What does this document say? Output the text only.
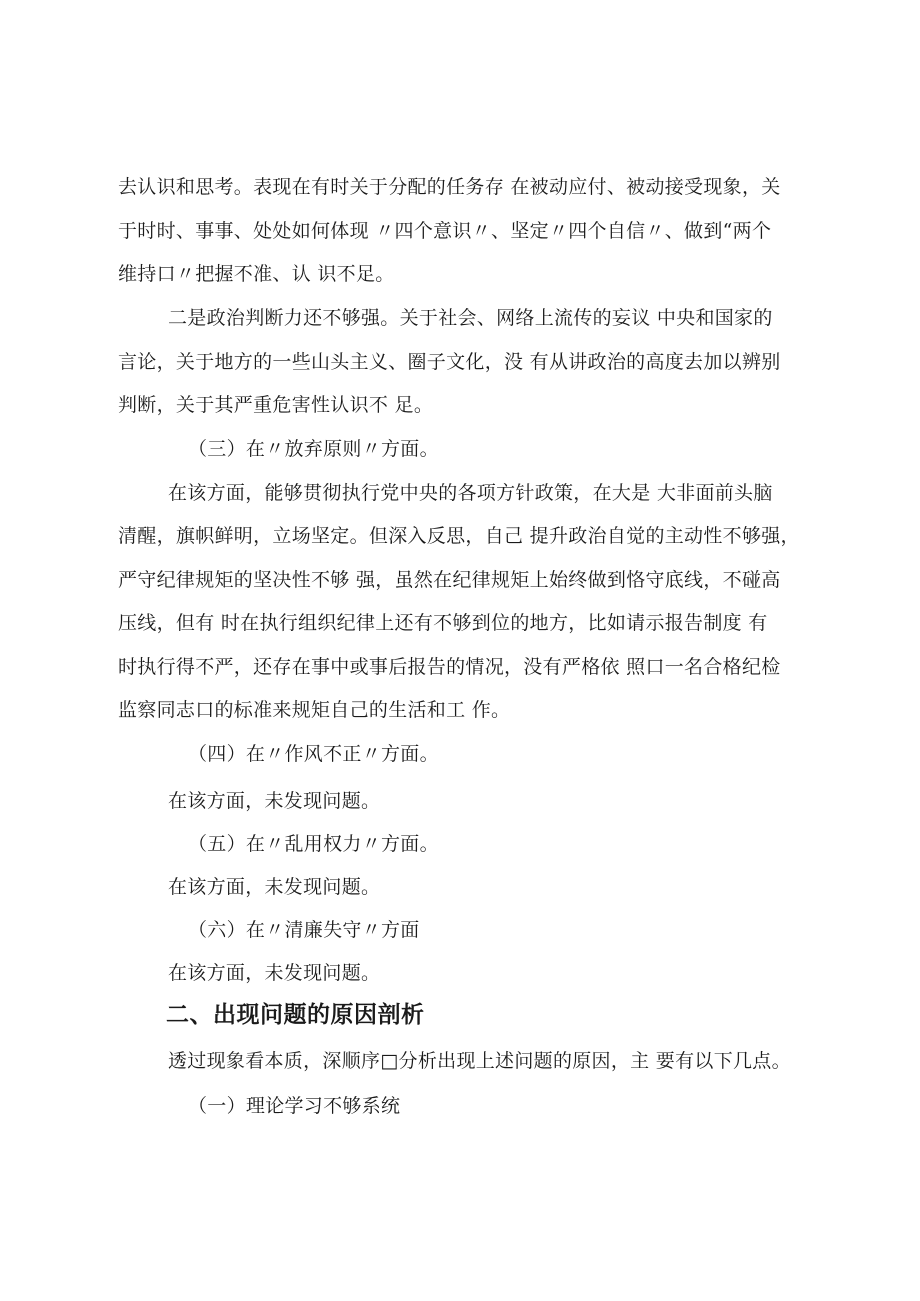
去认识和思考。表现在有时关于分配的任务存 在被动应付、被动接受现象，关
于时时、事事、处处如何体现 〃四个意识〃、坚定〃四个自信〃、做到“两个
维持口〃把握不准、认 识不足。
二是政治判断力还不够强。关于社会、网络上流传的妄议 中央和国家的
言论，关于地方的一些山头主义、圈子文化，没 有从讲政治的高度去加以辨别
判断，关于其严重危害性认识不 足。
（三）在〃放弃原则〃方面。
在该方面，能够贯彻执行党中央的各项方针政策，在大是 大非面前头脑
清醒，旗帜鲜明，立场坚定。但深入反思，自己 提升政治自觉的主动性不够强，
严守纪律规矩的坚决性不够 强，虽然在纪律规矩上始终做到恪守底线，不碰高
压线，但有 时在执行组织纪律上还有不够到位的地方，比如请示报告制度 有
时执行得不严，还存在事中或事后报告的情况，没有严格依 照口一名合格纪检
监察同志口的标准来规矩自己的生活和工 作。
（四）在〃作风不正〃方面。
在该方面，未发现问题。
（五）在〃乱用权力〃方面。
在该方面，未发现问题。
（六）在〃清廉失守〃方面
在该方面，未发现问题。
二、出现问题的原因剖析
透过现象看本质，深顺序□分析出现上述问题的原因，主 要有以下几点。
（一）理论学习不够系统
